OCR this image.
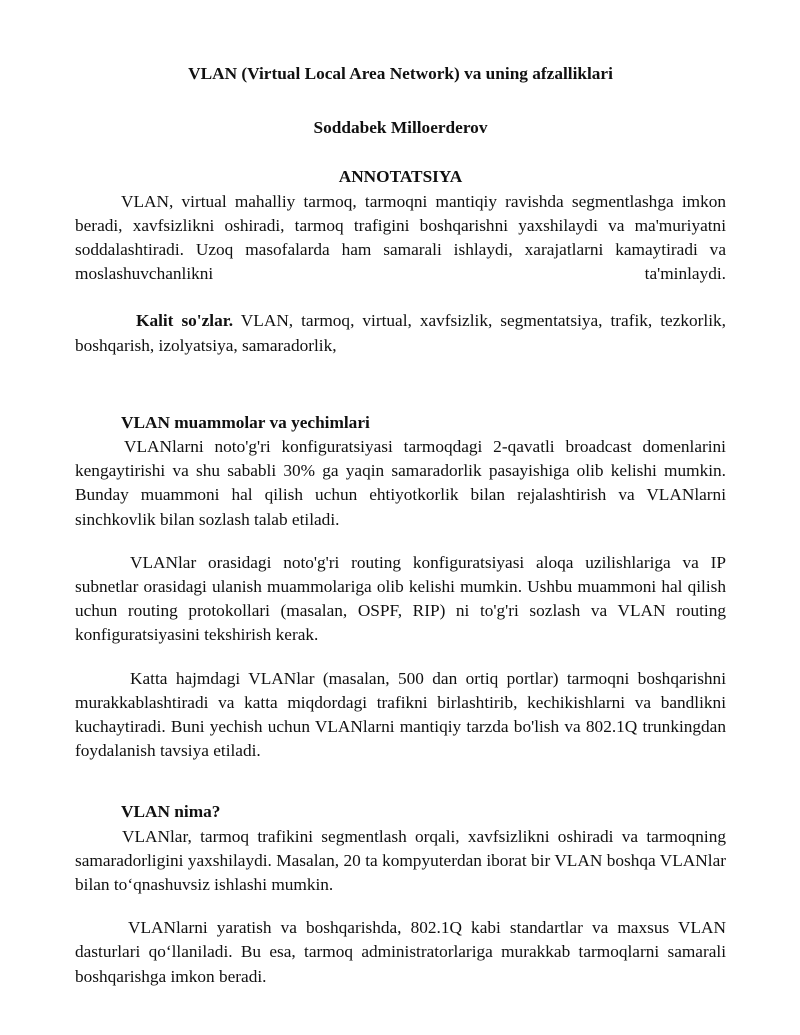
VLAN (Virtual Local Area Network) va uning afzalliklari

Soddabek Milloerderov

ANNOTATSIYA

VLAN, virtual mahalliy tarmoq, tarmoqni mantiqiy ravishda segmentlashga imkon beradi, xavfsizlikni oshiradi, tarmoq trafigini boshqarishni yaxshilaydi va ma'muriyatni soddalashtiradi. Uzoq masofalarda ham samarali ishlaydi, xarajatlarni kamaytiradi va moslashuvchanlikni	ta'minlaydi.

Kalit so'zlar. VLAN, tarmoq, virtual, xavfsizlik, segmentatsiya, trafik, tezkorlik, boshqarish, izolyatsiya, samaradorlik,

VLAN muammolar va yechimlari

VLANlarni noto'g'ri konfiguratsiyasi tarmoqdagi 2-qavatli broadcast domenlarini kengaytirishi va shu sababli 30% ga yaqin samaradorlik pasayishiga olib kelishi mumkin. Bunday muammoni hal qilish uchun ehtiyotkorlik bilan rejalashtirish va VLANlarni sinchkovlik bilan sozlash talab etiladi.

VLANlar orasidagi noto'g'ri routing konfiguratsiyasi aloqa uzilishlariga va IP subnetlar orasidagi ulanish muammolariga olib kelishi mumkin. Ushbu muammoni hal qilish uchun routing protokollari (masalan, OSPF, RIP) ni to'g'ri sozlash va VLAN routing konfiguratsiyasini tekshirish kerak.

Katta hajmdagi VLANlar (masalan, 500 dan ortiq portlar) tarmoqni boshqarishni murakkablashtiradi va katta miqdordagi trafikni birlashtirib, kechikishlarni va bandlikni kuchaytiradi. Buni yechish uchun VLANlarni mantiqiy tarzda bo'lish va 802.1Q trunkingdan foydalanish tavsiya etiladi.

VLAN nima?

VLANlar, tarmoq trafikini segmentlash orqali, xavfsizlikni oshiradi va tarmoqning samaradorligini yaxshilaydi. Masalan, 20 ta kompyuterdan iborat bir VLAN boshqa VLANlar bilan to‘qnashuvsiz ishlashi mumkin.

VLANlarni yaratish va boshqarishda, 802.1Q kabi standartlar va maxsus VLAN dasturlari qo‘llaniladi. Bu esa, tarmoq administratorlariga murakkab tarmoqlarni samarali boshqarishga imkon beradi.
